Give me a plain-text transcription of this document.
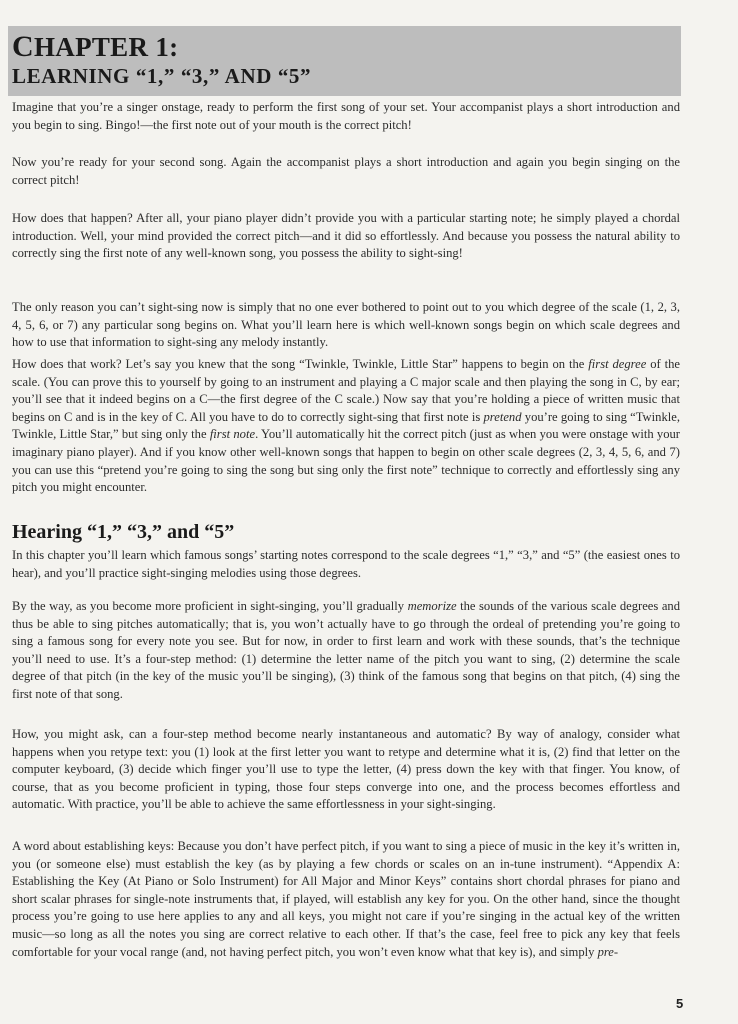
CHAPTER 1:
LEARNING “1,” “3,” AND “5”

Imagine that you’re a singer onstage, ready to perform the first song of your set. Your accompanist plays a short introduction and you begin to sing. Bingo!—the first note out of your mouth is the correct pitch!

Now you’re ready for your second song. Again the accompanist plays a short introduction and again you begin singing on the correct pitch!

How does that happen? After all, your piano player didn’t provide you with a particular starting note; he simply played a chordal introduction. Well, your mind provided the correct pitch—and it did so effortlessly. And because you possess the natural ability to correctly sing the first note of any well-known song, you possess the ability to sight-sing!

The only reason you can’t sight-sing now is simply that no one ever bothered to point out to you which degree of the scale (1, 2, 3, 4, 5, 6, or 7) any particular song begins on. What you’ll learn here is which well-known songs begin on which scale degrees and how to use that information to sight-sing any melody instantly.

How does that work? Let’s say you knew that the song “Twinkle, Twinkle, Little Star” happens to begin on the first degree of the scale. (You can prove this to yourself by going to an instrument and playing a C major scale and then playing the song in C, by ear; you’ll see that it indeed begins on a C—the first degree of the C scale.) Now say that you’re holding a piece of written music that begins on C and is in the key of C. All you have to do to correctly sight-sing that first note is pretend you’re going to sing “Twinkle, Twinkle, Little Star,” but sing only the first note. You’ll automatically hit the correct pitch (just as when you were onstage with your imaginary piano player). And if you know other well-known songs that happen to begin on other scale degrees (2, 3, 4, 5, 6, and 7) you can use this “pretend you’re going to sing the song but sing only the first note” technique to correctly and effortlessly sing any pitch you might encounter.

Hearing “1,” “3,” and “5”

In this chapter you’ll learn which famous songs’ starting notes correspond to the scale degrees “1,” “3,” and “5” (the easiest ones to hear), and you’ll practice sight-singing melodies using those degrees.

By the way, as you become more proficient in sight-singing, you’ll gradually memorize the sounds of the various scale degrees and thus be able to sing pitches automatically; that is, you won’t actually have to go through the ordeal of pretending you’re going to sing a famous song for every note you see. But for now, in order to first learn and work with these sounds, that’s the technique you’ll need to use. It’s a four-step method: (1) determine the letter name of the pitch you want to sing, (2) determine the scale degree of that pitch (in the key of the music you’ll be singing), (3) think of the famous song that begins on that pitch, (4) sing the first note of that song.

How, you might ask, can a four-step method become nearly instantaneous and automatic? By way of analogy, consider what happens when you retype text: you (1) look at the first letter you want to retype and determine what it is, (2) find that letter on the computer keyboard, (3) decide which finger you’ll use to type the letter, (4) press down the key with that finger. You know, of course, that as you become proficient in typing, those four steps converge into one, and the process becomes effortless and automatic. With practice, you’ll be able to achieve the same effortlessness in your sight-singing.

A word about establishing keys: Because you don’t have perfect pitch, if you want to sing a piece of music in the key it’s written in, you (or someone else) must establish the key (as by playing a few chords or scales on an in-tune instrument). “Appendix A: Establishing the Key (At Piano or Solo Instrument) for All Major and Minor Keys” contains short chordal phrases for piano and short scalar phrases for single-note instruments that, if played, will establish any key for you. On the other hand, since the thought process you’re going to use here applies to any and all keys, you might not care if you’re singing in the actual key of the written music—so long as all the notes you sing are correct relative to each other. If that’s the case, feel free to pick any key that feels comfortable for your vocal range (and, not having perfect pitch, you won’t even know what that key is), and simply pre-

5
